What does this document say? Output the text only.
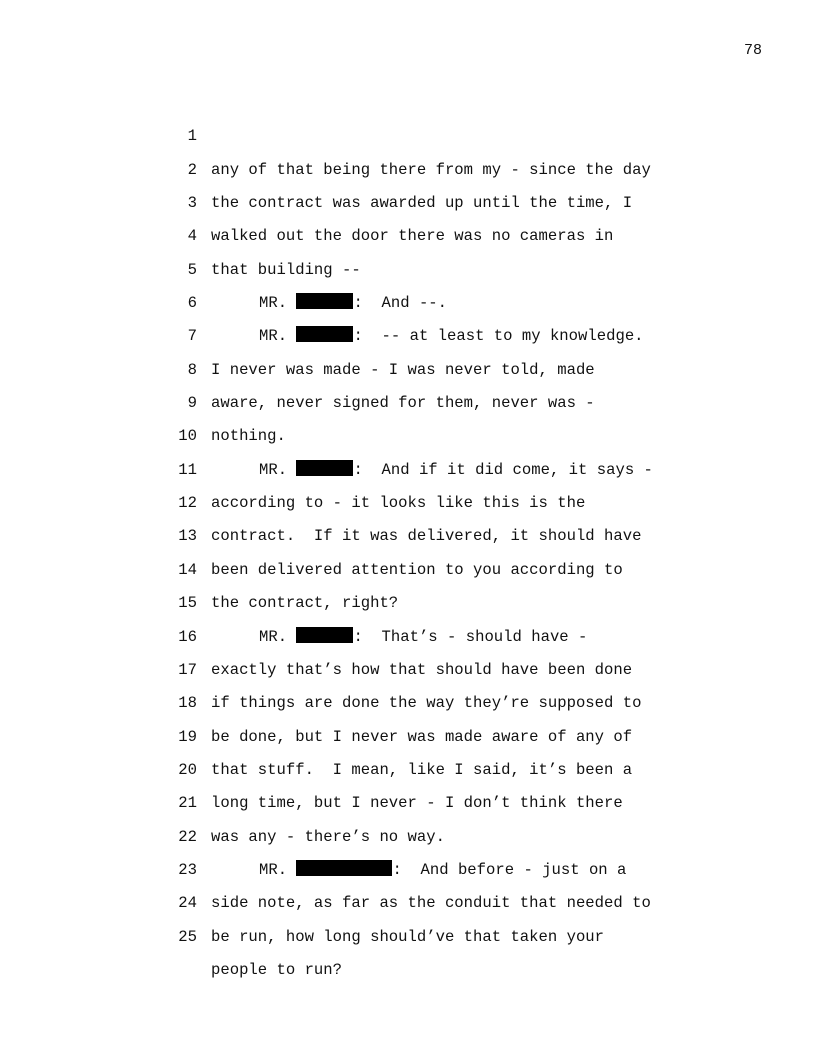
78

1

any of that being there from my - since the day

2

the contract was awarded up until the time, I

3

walked out the door there was no cameras in

4

that building --

5

MR.	:  And --.

6

MR.	:  -- at least to my knowledge.

7

I never was made - I was never told, made

8

aware, never signed for them, never was -

9

nothing.

10

MR.	:  And if it did come, it says -

11

according to - it looks like this is the

12

contract.  If it was delivered, it should have

13

been delivered attention to you according to

14

the contract, right?

15

MR.	:  That’s - should have -

16

exactly that’s how that should have been done

17

if things are done the way they’re supposed to

18

be done, but I never was made aware of any of

19

that stuff.  I mean, like I said, it’s been a

20

long time, but I never - I don’t think there

21

was any - there’s no way.

22

MR.	:  And before - just on a

23

side note, as far as the conduit that needed to

24

be run, how long should’ve that taken your

25

people to run?
